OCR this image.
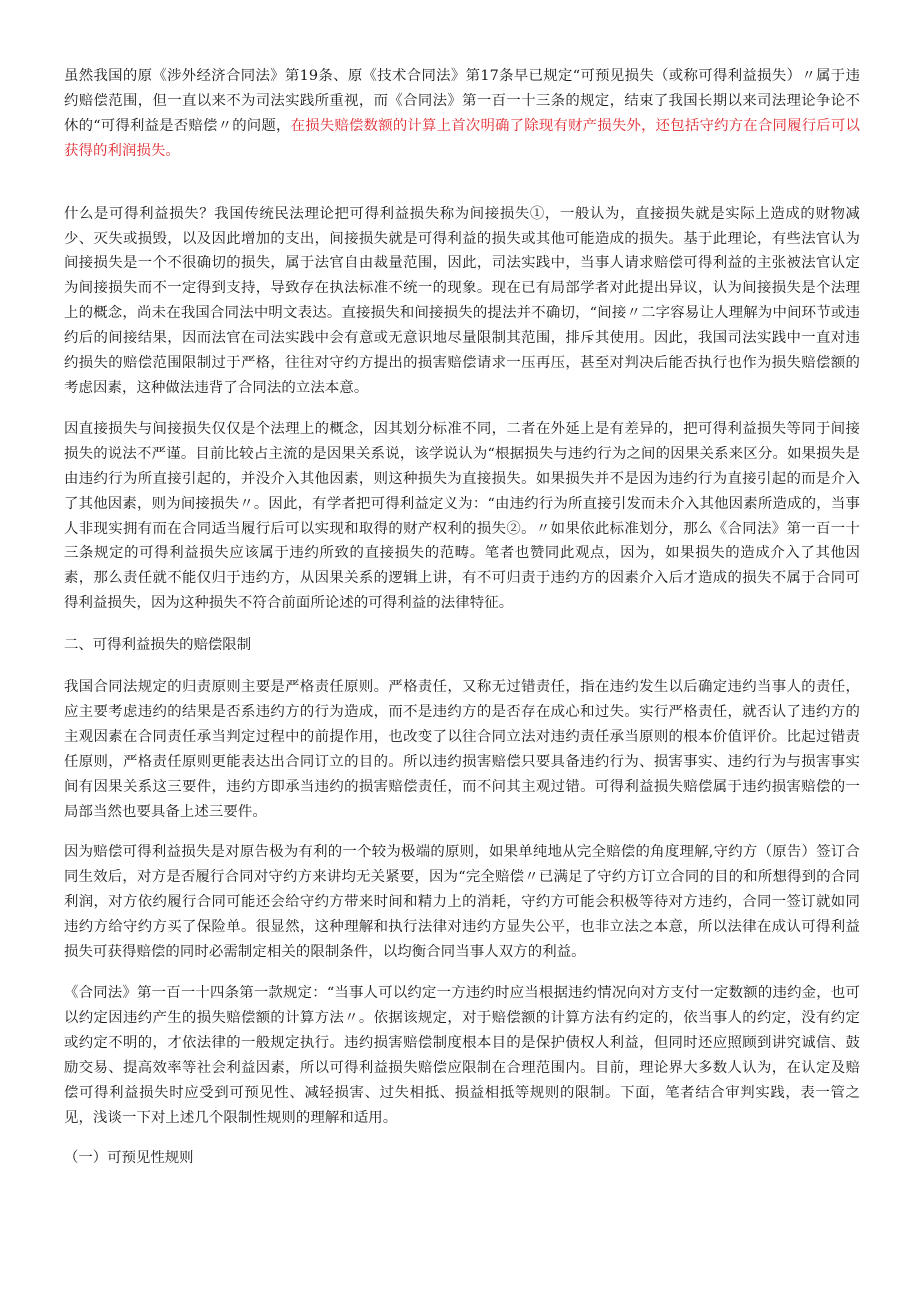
虽然我国的原《涉外经济合同法》第19条、原《技术合同法》第17条早已规定“可预见损失（或称可得利益损失）〃属于违约赔偿范围，但一直以来不为司法实践所重视，而《合同法》第一百一十三条的规定，结束了我国长期以来司法理论争论不休的“可得利益是否赔偿〃的问题，在损失赔偿数额的计算上首次明确了除现有财产损失外，还包括守约方在合同履行后可以获得的利润损失。

什么是可得利益损失？我国传统民法理论把可得利益损失称为间接损失①，一般认为，直接损失就是实际上造成的财物减少、灭失或损毁，以及因此增加的支出，间接损失就是可得利益的损失或其他可能造成的损失。基于此理论，有些法官认为间接损失是一个不很确切的损失，属于法官自由裁量范围，因此，司法实践中，当事人请求赔偿可得利益的主张被法官认定为间接损失而不一定得到支持，导致存在执法标准不统一的现象。现在已有局部学者对此提出异议，认为间接损失是个法理上的概念，尚未在我国合同法中明文表达。直接损失和间接损失的提法并不确切，“间接〃二字容易让人理解为中间环节或违约后的间接结果，因而法官在司法实践中会有意或无意识地尽量限制其范围，排斥其使用。因此，我国司法实践中一直对违约损失的赔偿范围限制过于严格，往往对守约方提出的损害赔偿请求一压再压，甚至对判决后能否执行也作为损失赔偿额的考虑因素，这种做法违背了合同法的立法本意。

因直接损失与间接损失仅仅是个法理上的概念，因其划分标准不同，二者在外延上是有差异的，把可得利益损失等同于间接损失的说法不严谨。目前比较占主流的是因果关系说，该学说认为“根据损失与违约行为之间的因果关系来区分。如果损失是由违约行为所直接引起的，并没介入其他因素，则这种损失为直接损失。如果损失并不是因为违约行为直接引起的而是介入了其他因素，则为间接损失〃。因此，有学者把可得利益定义为：“由违约行为所直接引发而未介入其他因素所造成的，当事人非现实拥有而在合同适当履行后可以实现和取得的财产权利的损失②。〃如果依此标准划分，那么《合同法》第一百一十三条规定的可得利益损失应该属于违约所致的直接损失的范畴。笔者也赞同此观点，因为，如果损失的造成介入了其他因素，那么责任就不能仅归于违约方，从因果关系的逻辑上讲，有不可归责于违约方的因素介入后才造成的损失不属于合同可得利益损失，因为这种损失不符合前面所论述的可得利益的法律特征。

二、可得利益损失的赔偿限制

我国合同法规定的归责原则主要是严格责任原则。严格责任，又称无过错责任，指在违约发生以后确定违约当事人的责任，应主要考虑违约的结果是否系违约方的行为造成，而不是违约方的是否存在成心和过失。实行严格责任，就否认了违约方的主观因素在合同责任承当判定过程中的前提作用，也改变了以往合同立法对违约责任承当原则的根本价值评价。比起过错责任原则，严格责任原则更能表达出合同订立的目的。所以违约损害赔偿只要具备违约行为、损害事实、违约行为与损害事实间有因果关系这三要件，违约方即承当违约的损害赔偿责任，而不问其主观过错。可得利益损失赔偿属于违约损害赔偿的一局部当然也要具备上述三要件。

因为赔偿可得利益损失是对原告极为有利的一个较为极端的原则，如果单纯地从完全赔偿的角度理解,守约方（原告）签订合同生效后，对方是否履行合同对守约方来讲均无关紧要，因为“完全赔偿〃已满足了守约方订立合同的目的和所想得到的合同利润，对方依约履行合同可能还会给守约方带来时间和精力上的消耗，守约方可能会积极等待对方违约，合同一签订就如同违约方给守约方买了保险单。很显然，这种理解和执行法律对违约方显失公平，也非立法之本意，所以法律在成认可得利益损失可获得赔偿的同时必需制定相关的限制条件，以均衡合同当事人双方的利益。

《合同法》第一百一十四条第一款规定：“当事人可以约定一方违约时应当根据违约情况向对方支付一定数额的违约金，也可以约定因违约产生的损失赔偿额的计算方法〃。依据该规定，对于赔偿额的计算方法有约定的，依当事人的约定，没有约定或约定不明的，才依法律的一般规定执行。违约损害赔偿制度根本目的是保护债权人利益，但同时还应照顾到讲究诚信、鼓励交易、提高效率等社会利益因素，所以可得利益损失赔偿应限制在合理范围内。目前，理论界大多数人认为，在认定及赔偿可得利益损失时应受到可预见性、减轻损害、过失相抵、损益相抵等规则的限制。下面，笔者结合审判实践，表一管之见，浅谈一下对上述几个限制性规则的理解和适用。

（一）可预见性规则
